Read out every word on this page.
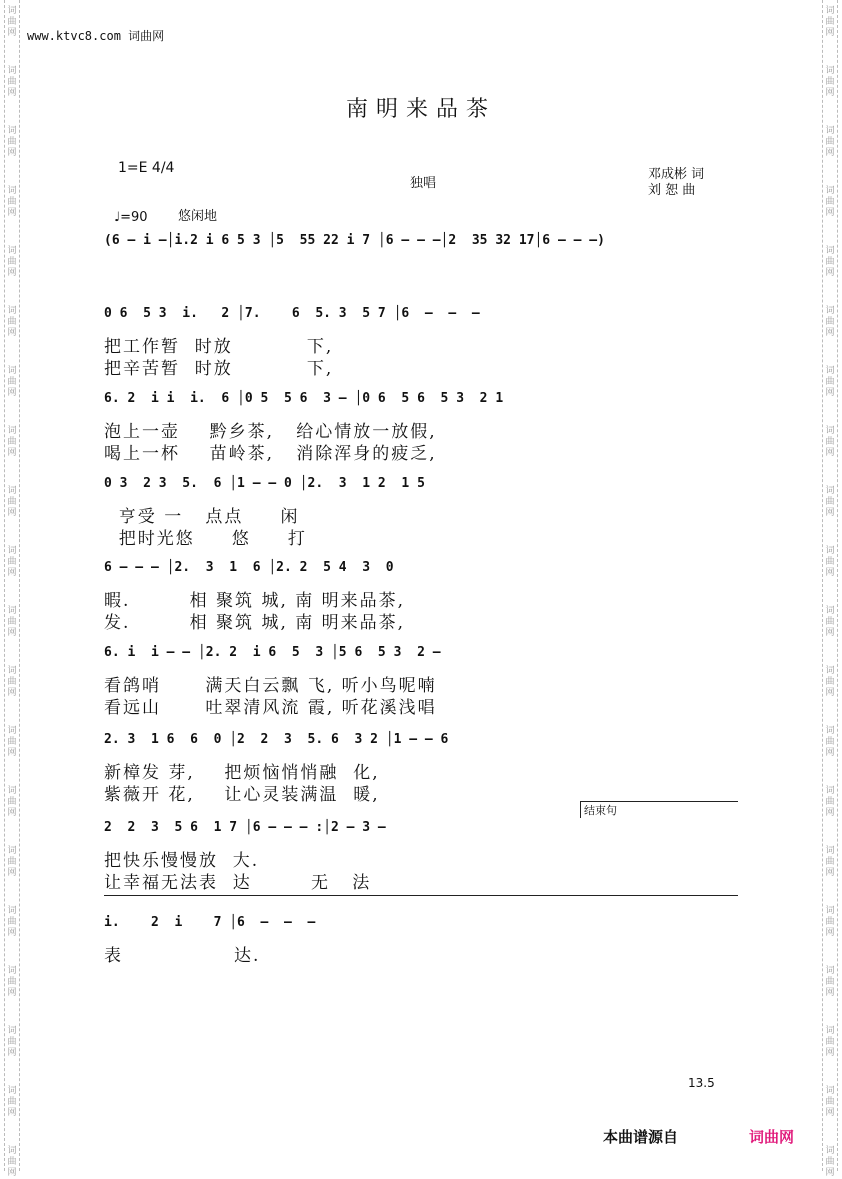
词
曲
网
词
曲
网
词
曲
网
词
曲
网
词
曲
网
词
曲
网
词
曲
网
词
曲
网
词
曲
网
词
曲
网
词
曲
网
词
曲
网
词
曲
网
词
曲
网
词
曲
网
词
曲
网
词
曲
网
词
曲
网
词
曲
网
词
曲
网
词
曲
网
词
曲
网
词
曲
网
词
曲
网
词
曲
网
词
曲
网
词
曲
网
词
曲
网
词
曲
网
词
曲
网
词
曲
网
词
曲
网
词
曲
网
词
曲
网
词
曲
网
词
曲
网
词
曲
网
词
曲
网
词
曲
网
词
曲
网
www.ktvc8.com 词曲网
南明来品茶
1=E 4/4
独唱
邓成彬 词
刘 恕 曲
♩=90 悠闲地
(6 – i –│i.2 i 6 5 3 │5  55 22 i 7 │6 – – –│2  35 32 17│6 – – –)
0 6  5 3  i.   2 │7.    6  5. 3  5 7 │6  –  –  –
把工作暂  时放          下,
把辛苦暂  时放          下,
6. 2  i i  i.  6 │0 5  5 6  3 – │0 6  5 6  5 3  2 1
泡上一壶    黔乡茶,   给心情放一放假,
喝上一杯    苗岭茶,   消除浑身的疲乏,
0 3  2 3  5.  6 │1 – – 0 │2.  3  1 2  1 5
亨受 一   点点     闲
把时光悠     悠     打
6 – – – │2.  3  1  6 │2. 2  5 4  3  0
暇.        相 聚筑 城, 南 明来品茶,
发.        相 聚筑 城, 南 明来品茶,
6. i  i – – │2. 2  i 6  5  3 │5 6  5 3  2 –
看鸽哨      满天白云飘 飞, 听小鸟呢喃
看远山      吐翠清风流 霞, 听花溪浅唱
2. 3  1 6  6  0 │2  2  3  5. 6  3 2 │1 – – 6
新樟发 芽,    把烦恼悄悄融  化,
紫薇开 花,    让心灵装满温  暖,
2  2  3  5 6  1 7 │6 – – – :│2 – 3 –
把快乐慢慢放  大.
让幸福无法表  达        无   法
i.    2  i    7 │6  –  –  –
表               达.
结束句
13.5
本曲谱源自	词曲网
